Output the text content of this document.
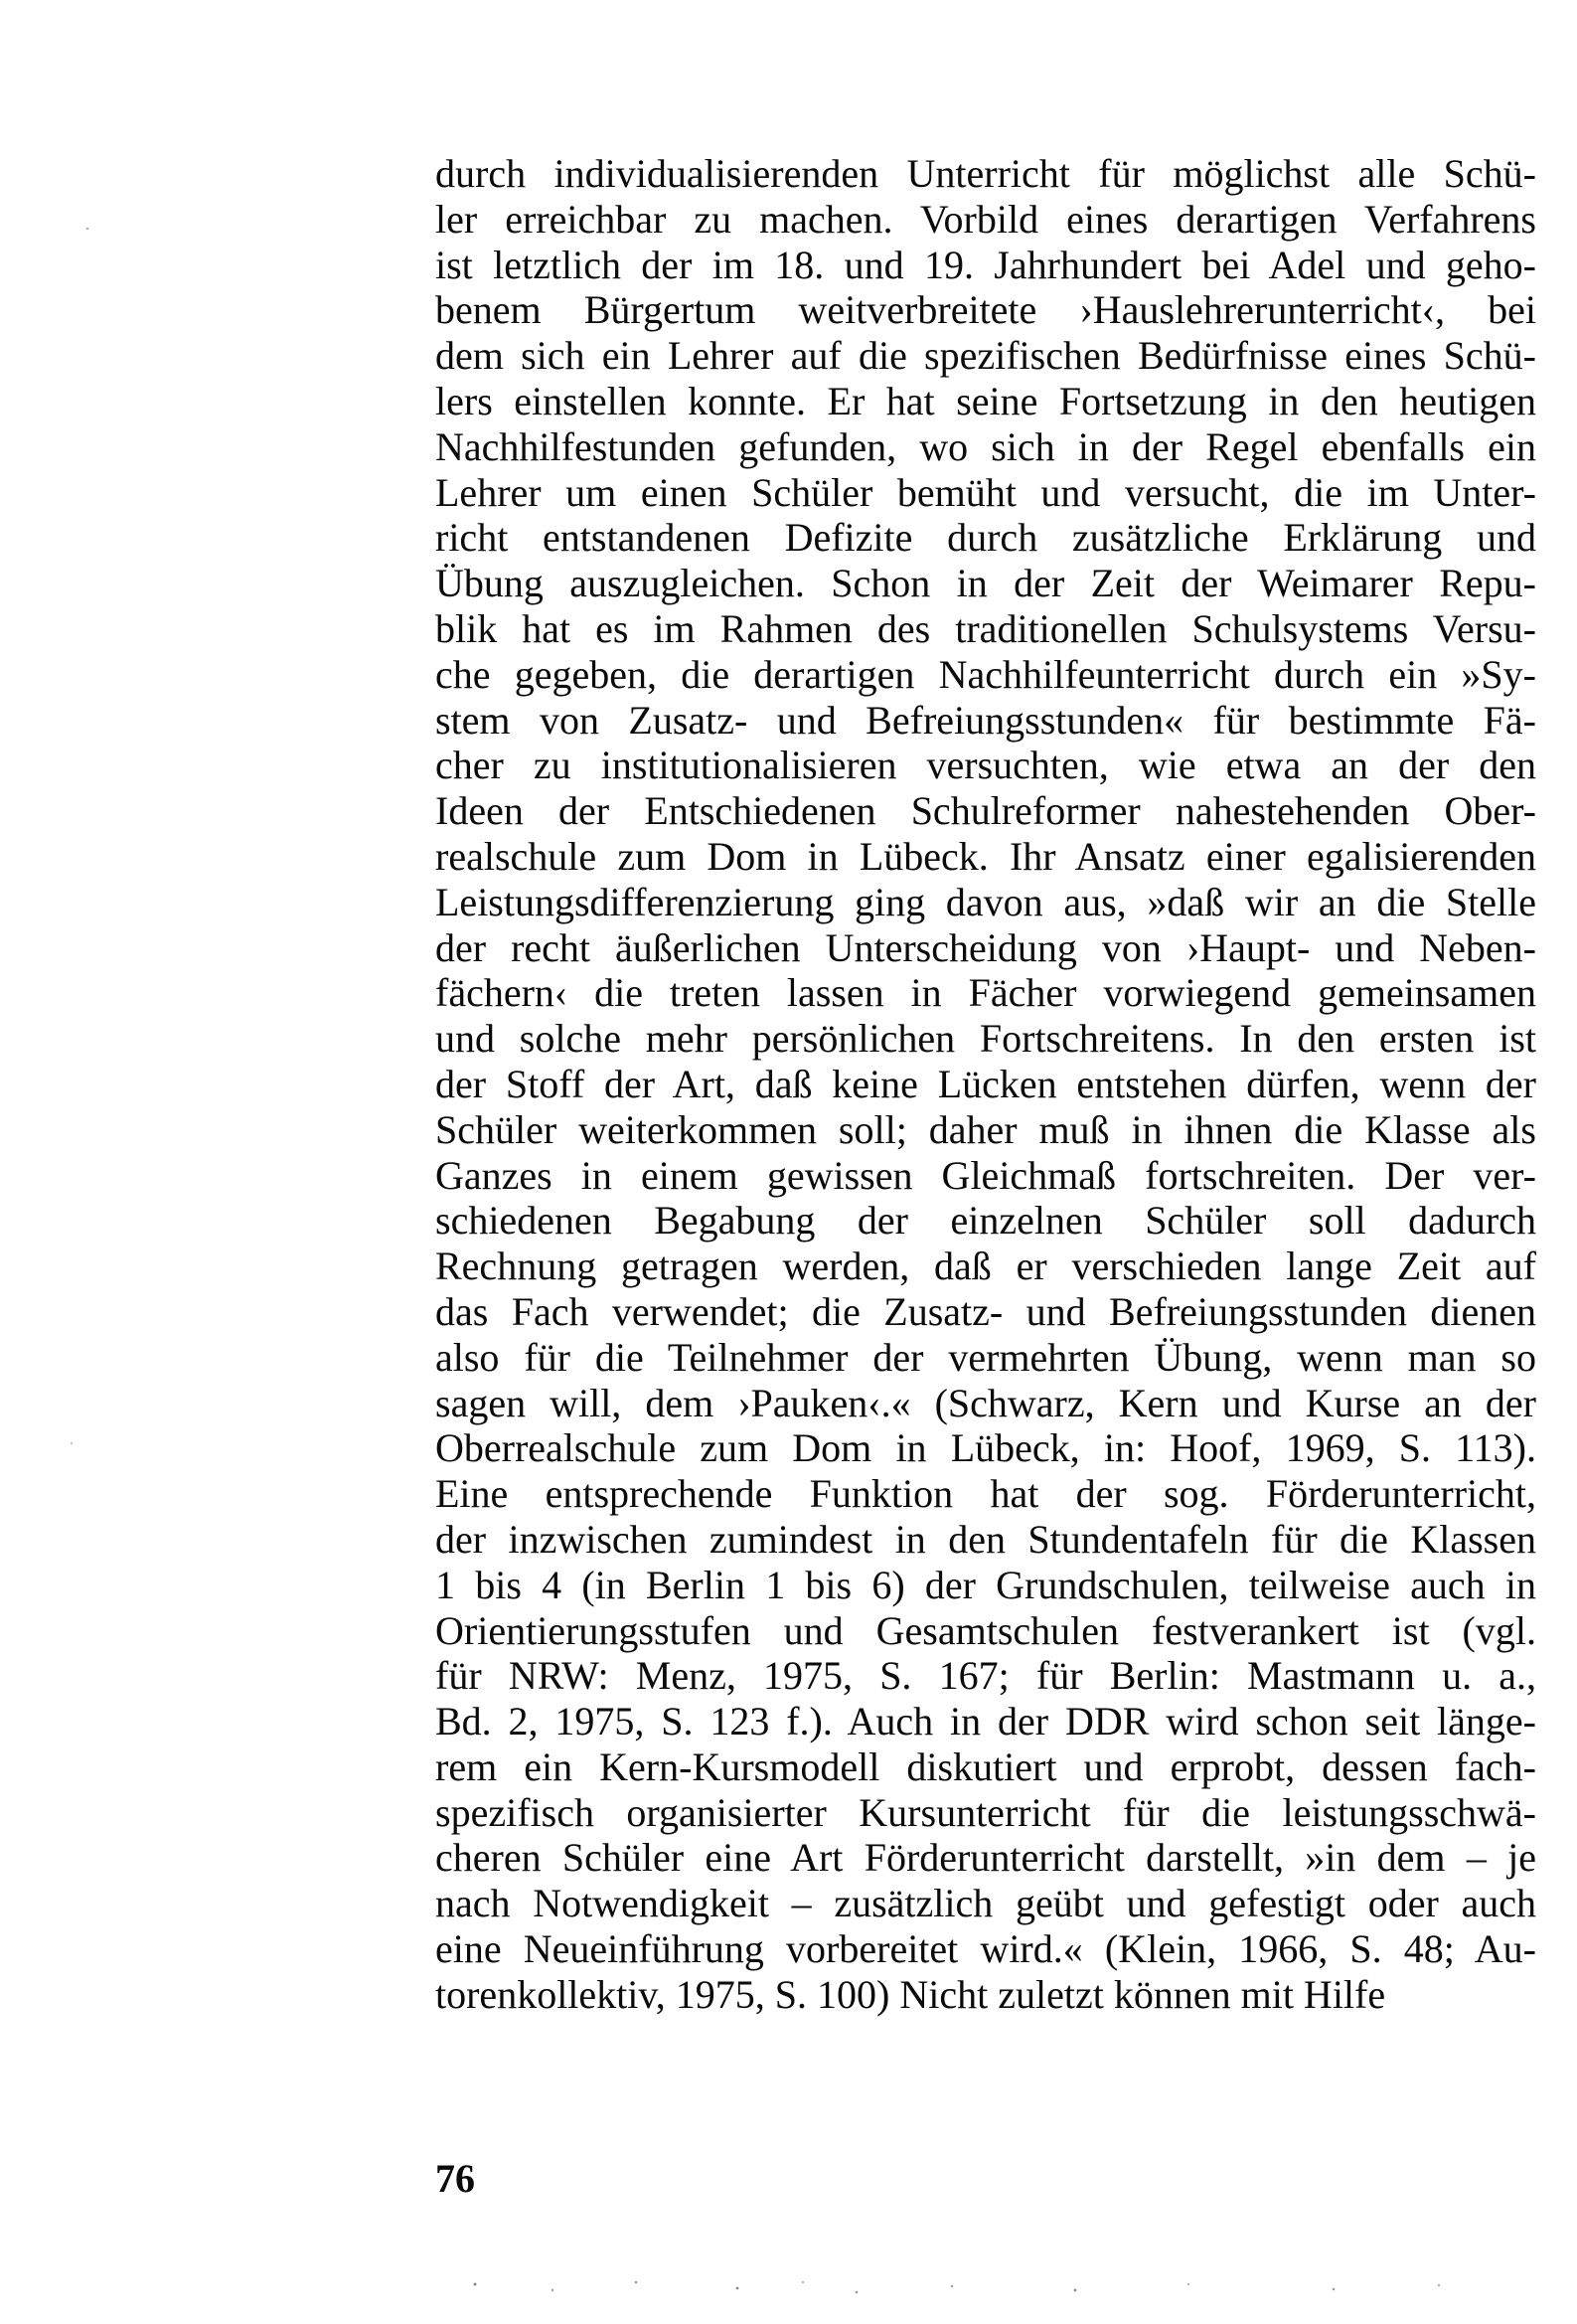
durch individualisierenden Unterricht für möglichst alle Schü-
ler erreichbar zu machen. Vorbild eines derartigen Verfahrens
ist letztlich der im 18. und 19. Jahrhundert bei Adel und geho-
benem Bürgertum weitverbreitete ›Hauslehrerunterricht‹, bei
dem sich ein Lehrer auf die spezifischen Bedürfnisse eines Schü-
lers einstellen konnte. Er hat seine Fortsetzung in den heutigen
Nachhilfestunden gefunden, wo sich in der Regel ebenfalls ein
Lehrer um einen Schüler bemüht und versucht, die im Unter-
richt entstandenen Defizite durch zusätzliche Erklärung und
Übung auszugleichen. Schon in der Zeit der Weimarer Repu-
blik hat es im Rahmen des traditionellen Schulsystems Versu-
che gegeben, die derartigen Nachhilfeunterricht durch ein »Sy-
stem von Zusatz- und Befreiungsstunden« für bestimmte Fä-
cher zu institutionalisieren versuchten, wie etwa an der den
Ideen der Entschiedenen Schulreformer nahestehenden Ober-
realschule zum Dom in Lübeck. Ihr Ansatz einer egalisierenden
Leistungsdifferenzierung ging davon aus, »daß wir an die Stelle
der recht äußerlichen Unterscheidung von ›Haupt- und Neben-
fächern‹ die treten lassen in Fächer vorwiegend gemeinsamen
und solche mehr persönlichen Fortschreitens. In den ersten ist
der Stoff der Art, daß keine Lücken entstehen dürfen, wenn der
Schüler weiterkommen soll; daher muß in ihnen die Klasse als
Ganzes in einem gewissen Gleichmaß fortschreiten. Der ver-
schiedenen Begabung der einzelnen Schüler soll dadurch
Rechnung getragen werden, daß er verschieden lange Zeit auf
das Fach verwendet; die Zusatz- und Befreiungsstunden dienen
also für die Teilnehmer der vermehrten Übung, wenn man so
sagen will, dem ›Pauken‹.« (Schwarz, Kern und Kurse an der
Oberrealschule zum Dom in Lübeck, in: Hoof, 1969, S. 113).
Eine entsprechende Funktion hat der sog. Förderunterricht,
der inzwischen zumindest in den Stundentafeln für die Klassen
1 bis 4 (in Berlin 1 bis 6) der Grundschulen, teilweise auch in
Orientierungsstufen und Gesamtschulen festverankert ist (vgl.
für NRW: Menz, 1975, S. 167; für Berlin: Mastmann u. a.,
Bd. 2, 1975, S. 123 f.). Auch in der DDR wird schon seit länge-
rem ein Kern-Kursmodell diskutiert und erprobt, dessen fach-
spezifisch organisierter Kursunterricht für die leistungsschwä-
cheren Schüler eine Art Förderunterricht darstellt, »in dem – je
nach Notwendigkeit – zusätzlich geübt und gefestigt oder auch
eine Neueinführung vorbereitet wird.« (Klein, 1966, S. 48; Au-
torenkollektiv, 1975, S. 100) Nicht zuletzt können mit Hilfe
76
